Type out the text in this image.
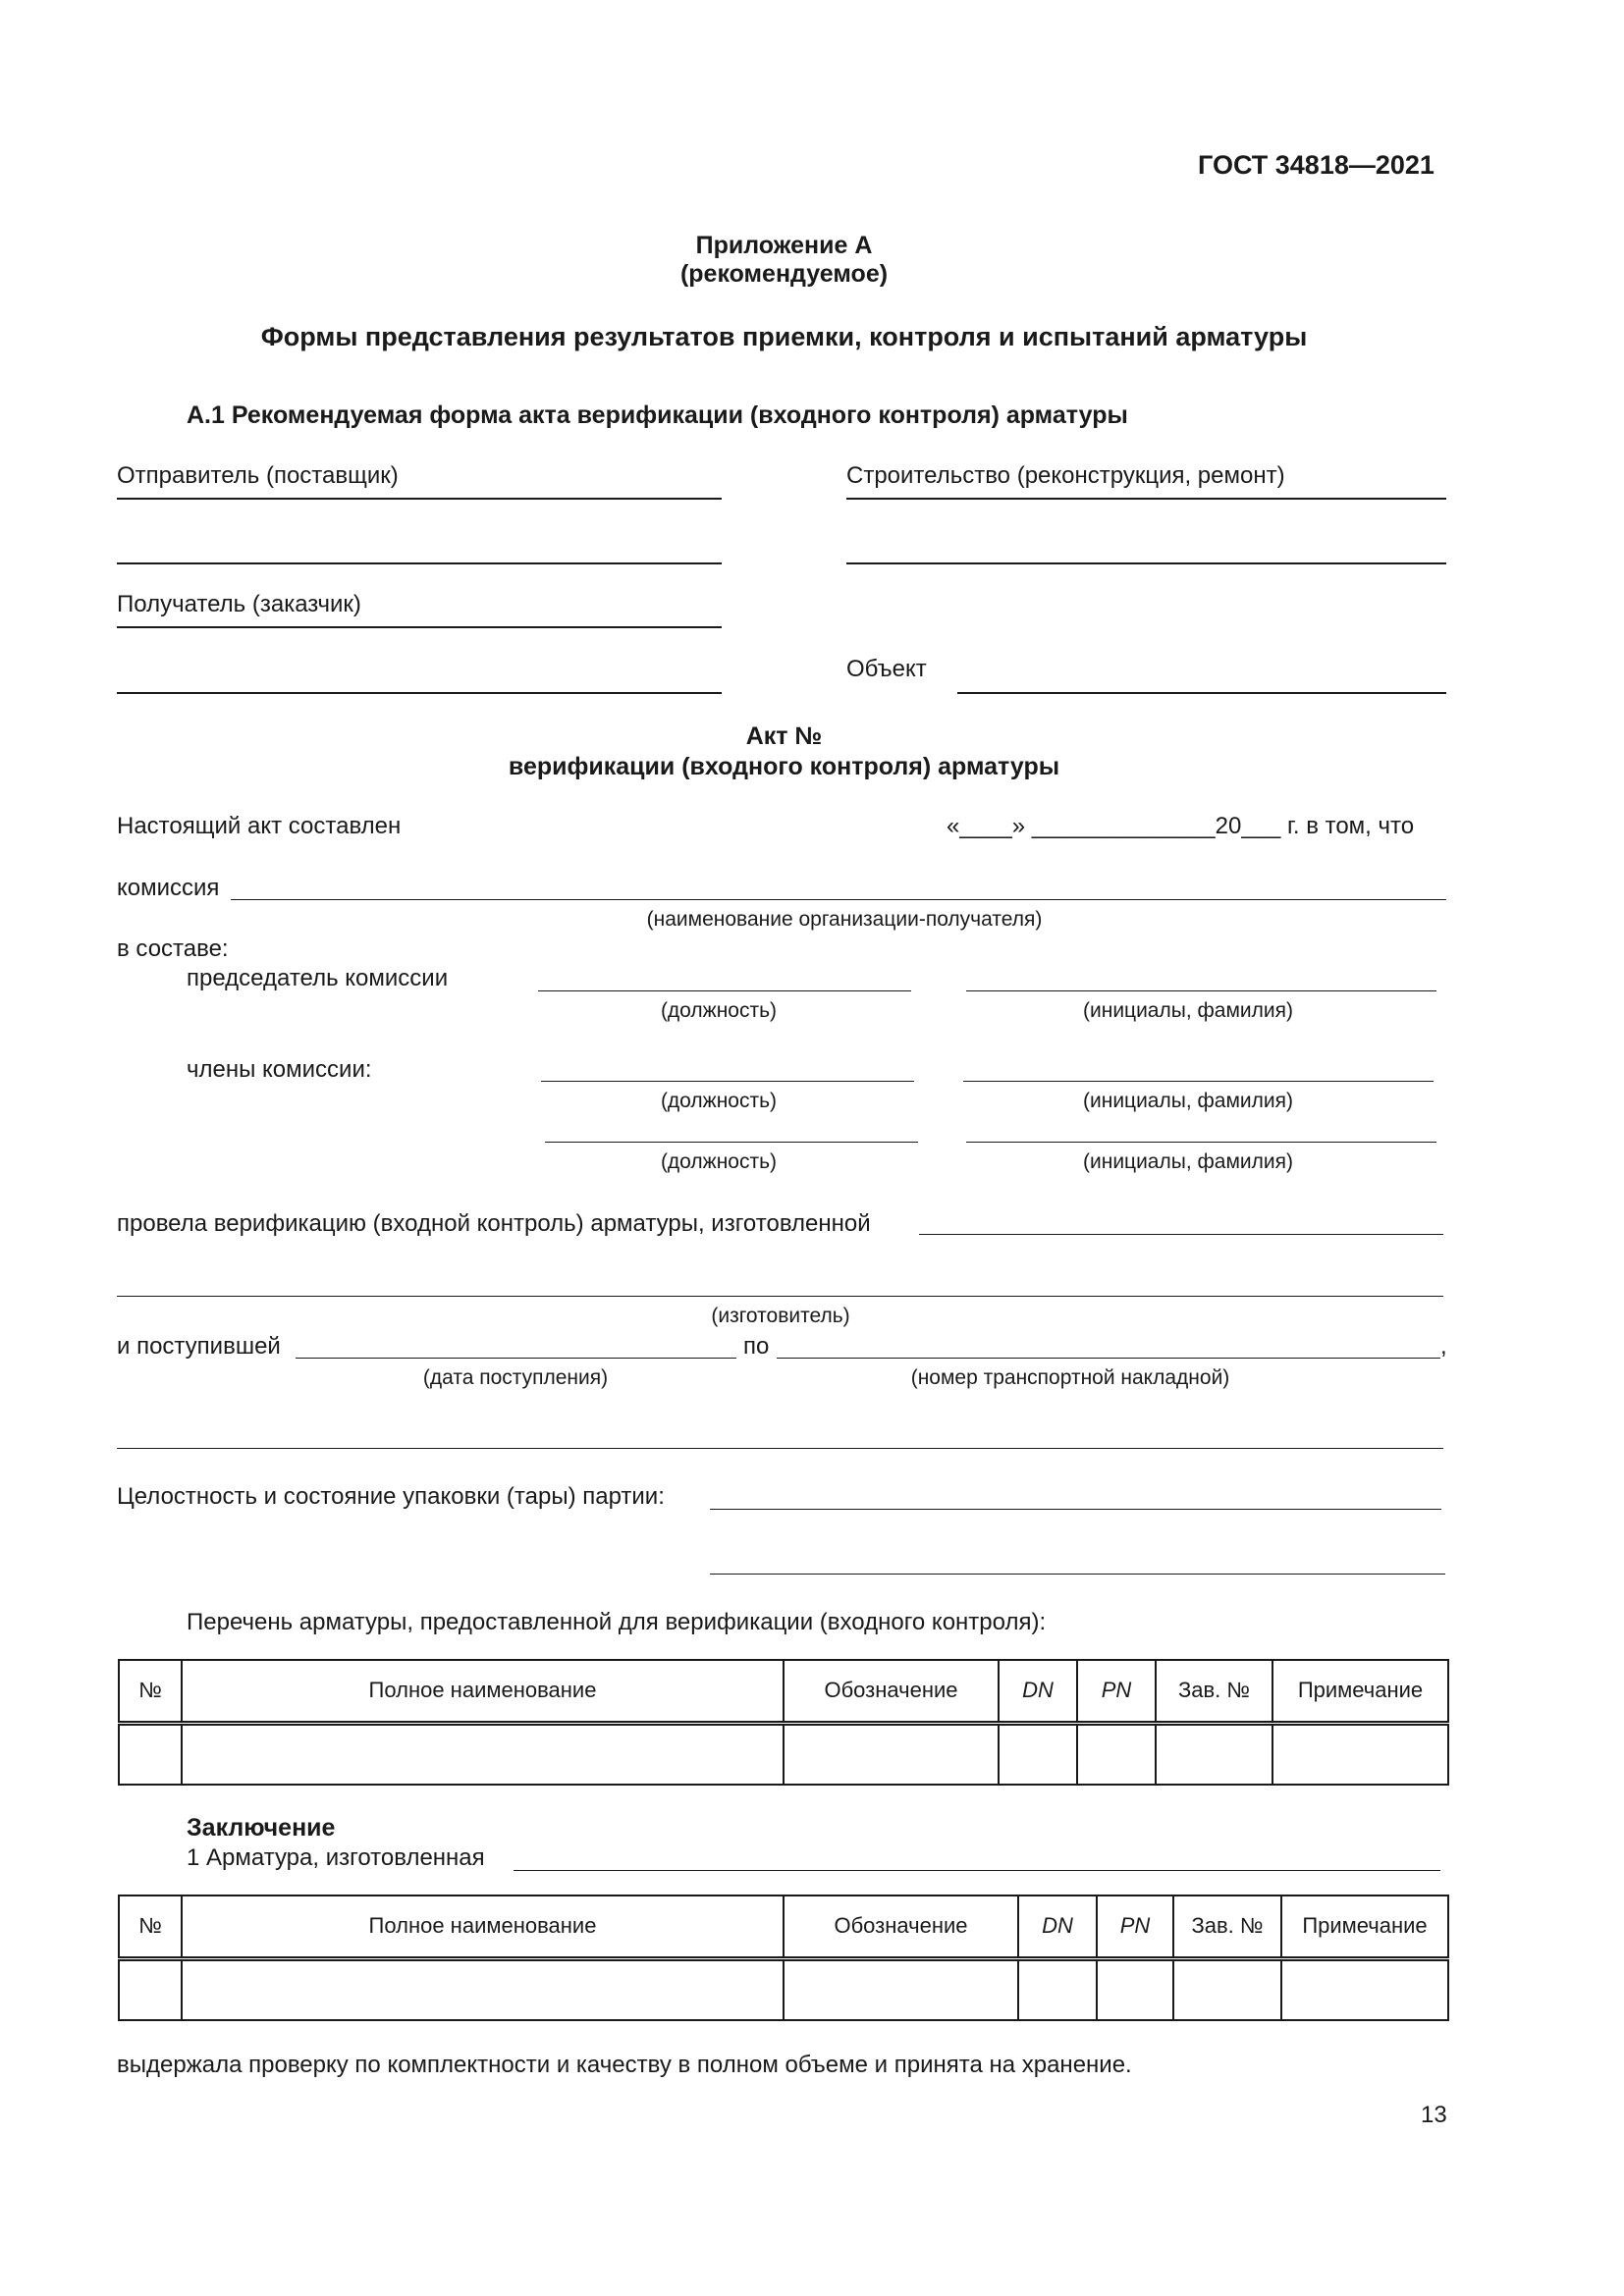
ГОСТ 34818—2021
Приложение А
(рекомендуемое)
Формы представления результатов приемки, контроля и испытаний арматуры
А.1 Рекомендуемая форма акта верификации (входного контроля) арматуры
Отправитель (поставщик)	Строительство (реконструкция, ремонт)
Получатель (заказчик)
Объект
Акт №
верификации (входного контроля) арматуры
Настоящий акт составлен	«____» ______________20___ г. в том, что
комиссия
(наименование организации-получателя)
в составе:
председатель комиссии
(должность)	(инициалы, фамилия)
члены комиссии:
(должность)	(инициалы, фамилия)
(должность)	(инициалы, фамилия)
провела верификацию (входной контроль) арматуры, изготовленной
(изготовитель)
и поступившей	по	,
(дата поступления)	(номер транспортной накладной)
Целостность и состояние упаковки (тары) партии:
Перечень арматуры, предоставленной для верификации (входного контроля):
№	Полное наименование	Обозначение	DN	PN	Зав. №	Примечание

Заключение
1 Арматура, изготовленная
№	Полное наименование	Обозначение	DN	PN	Зав. №	Примечание

выдержала проверку по комплектности и качеству в полном объеме и принята на хранение.
13
